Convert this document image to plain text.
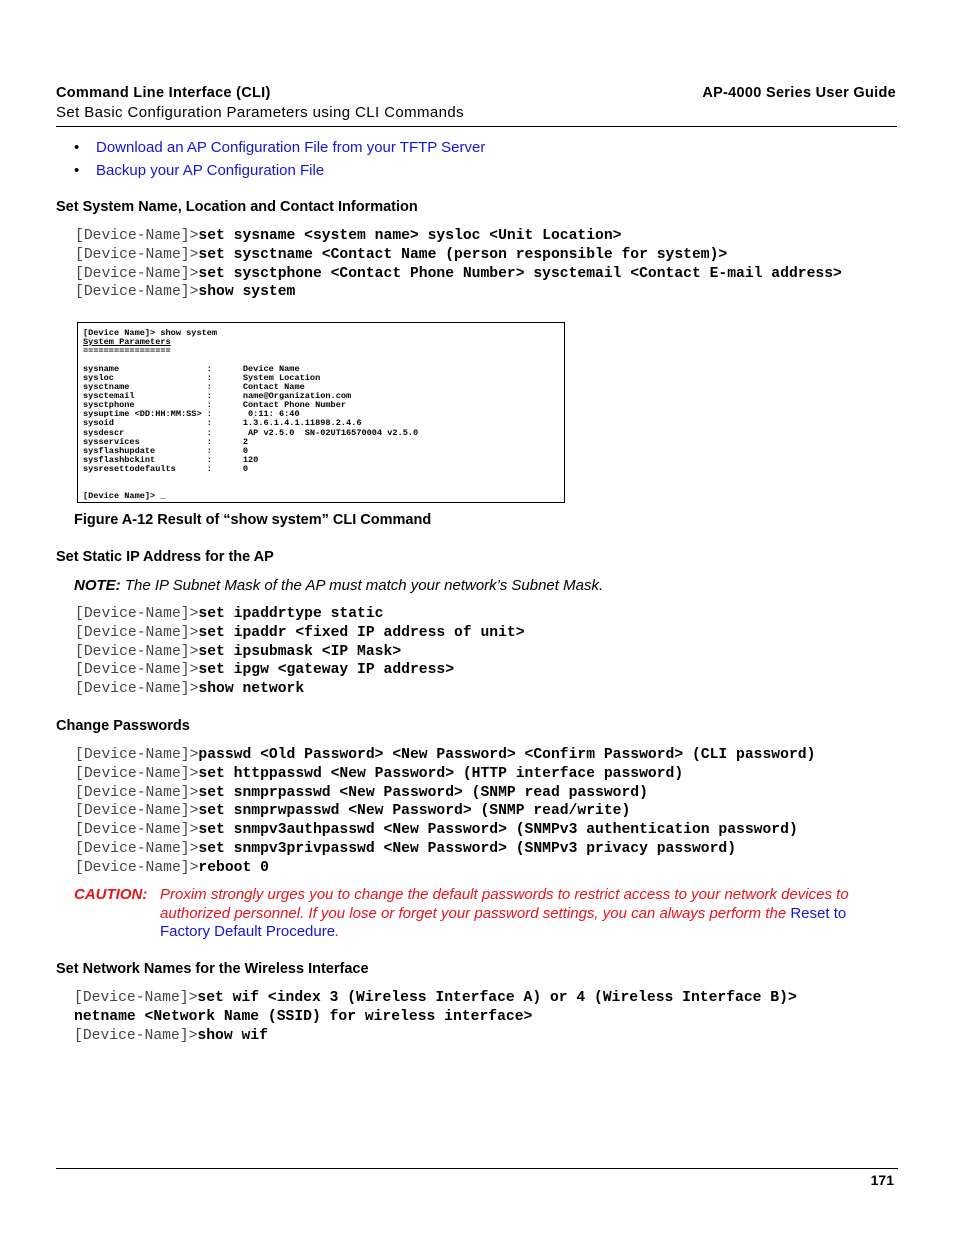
Command Line Interface (CLI)	AP-4000 Series User Guide
Set Basic Configuration Parameters using CLI Commands
•	Download an AP Configuration File from your TFTP Server
•	Backup your AP Configuration File
Set System Name, Location and Contact Information
[Device-Name]>set sysname <system name> sysloc <Unit Location>
[Device-Name]>set sysctname <Contact Name (person responsible for system)>
[Device-Name]>set sysctphone <Contact Phone Number> sysctemail <Contact E-mail address>
[Device-Name]>show system
[Device Name]> show system
System Parameters
=================

sysname                 :      Device Name
sysloc                  :      System Location
sysctname               :      Contact Name
sysctemail              :      name@Organization.com
sysctphone              :      Contact Phone Number
sysuptime <DD:HH:MM:SS> :       0:11: 6:40
sysoid                  :      1.3.6.1.4.1.11898.2.4.6
sysdescr                :       AP v2.5.0  SN-02UT16570004 v2.5.0
sysservices             :      2
sysflashupdate          :      0
sysflashbckint          :      120
sysresettodefaults      :      0

[Device Name]> _
Figure A-12 Result of “show system” CLI Command
Set Static IP Address for the AP
NOTE: The IP Subnet Mask of the AP must match your network’s Subnet Mask.
[Device-Name]>set ipaddrtype static
[Device-Name]>set ipaddr <fixed IP address of unit>
[Device-Name]>set ipsubmask <IP Mask>
[Device-Name]>set ipgw <gateway IP address>
[Device-Name]>show network
Change Passwords
[Device-Name]>passwd <Old Password> <New Password> <Confirm Password> (CLI password)
[Device-Name]>set httppasswd <New Password> (HTTP interface password)
[Device-Name]>set snmprpasswd <New Password> (SNMP read password)
[Device-Name]>set snmprwpasswd <New Password> (SNMP read/write)
[Device-Name]>set snmpv3authpasswd <New Password> (SNMPv3 authentication password)
[Device-Name]>set snmpv3privpasswd <New Password> (SNMPv3 privacy password)
[Device-Name]>reboot 0
CAUTION: Proxim strongly urges you to change the default passwords to restrict access to your network devices to authorized personnel. If you lose or forget your password settings, you can always perform the Reset to Factory Default Procedure.
Set Network Names for the Wireless Interface
[Device-Name]>set wif <index 3 (Wireless Interface A) or 4 (Wireless Interface B)>
netname <Network Name (SSID) for wireless interface>
[Device-Name]>show wif
171
